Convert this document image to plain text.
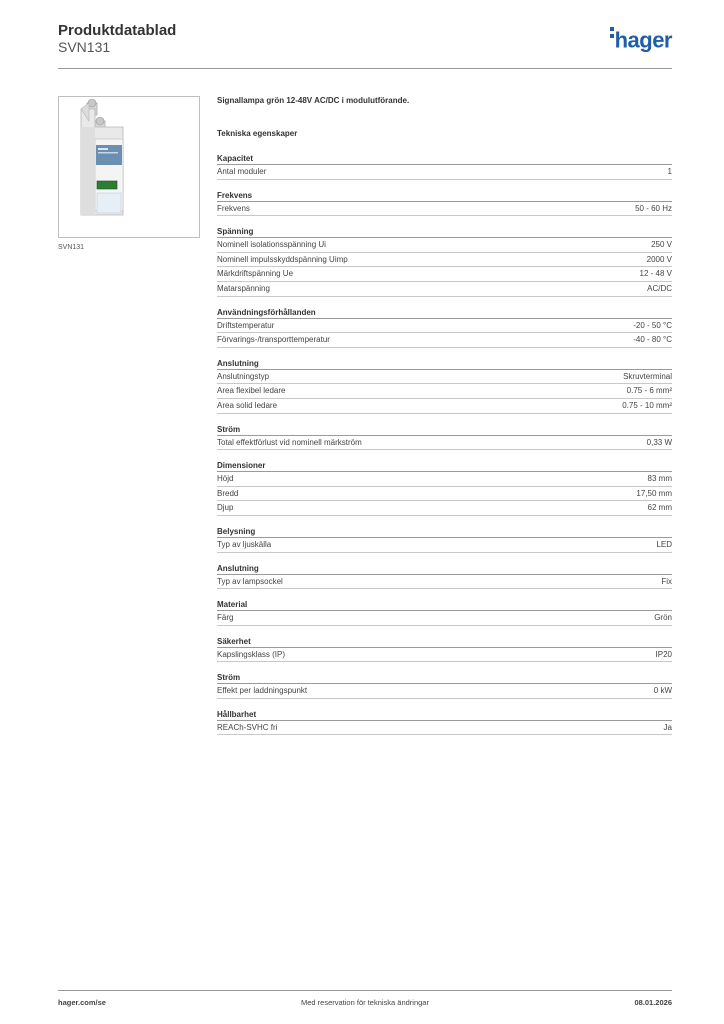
Produktdatablad
SVN131	hager
SVN131
Signallampa grön 12-48V AC/DC i modulutförande.
Tekniska egenskaper
Kapacitet
Antal moduler	1
Frekvens
Frekvens	50 - 60 Hz
Spänning
Nominell isolationsspänning Ui	250 V
Nominell impulsskyddspänning Uimp	2000 V
Märkdriftspänning Ue	12 - 48 V
Matarspänning	AC/DC
Användningsförhållanden
Driftstemperatur	-20 - 50 °C
Förvarings-/transporttemperatur	-40 - 80 °C
Anslutning
Anslutningstyp	Skruvterminal
Area flexibel ledare	0.75 - 6 mm²
Area solid ledare	0.75 - 10 mm²
Ström
Total effektförlust vid nominell märkström	0,33 W
Dimensioner
Höjd	83 mm
Bredd	17,50 mm
Djup	62 mm
Belysning
Typ av ljuskälla	LED
Anslutning
Typ av lampsockel	Fix
Material
Färg	Grön
Säkerhet
Kapslingsklass (IP)	IP20
Ström
Effekt per laddningspunkt	0 kW
Hållbarhet
REACh-SVHC fri	Ja
hager.com/se	Med reservation för tekniska ändringar	08.01.2026
